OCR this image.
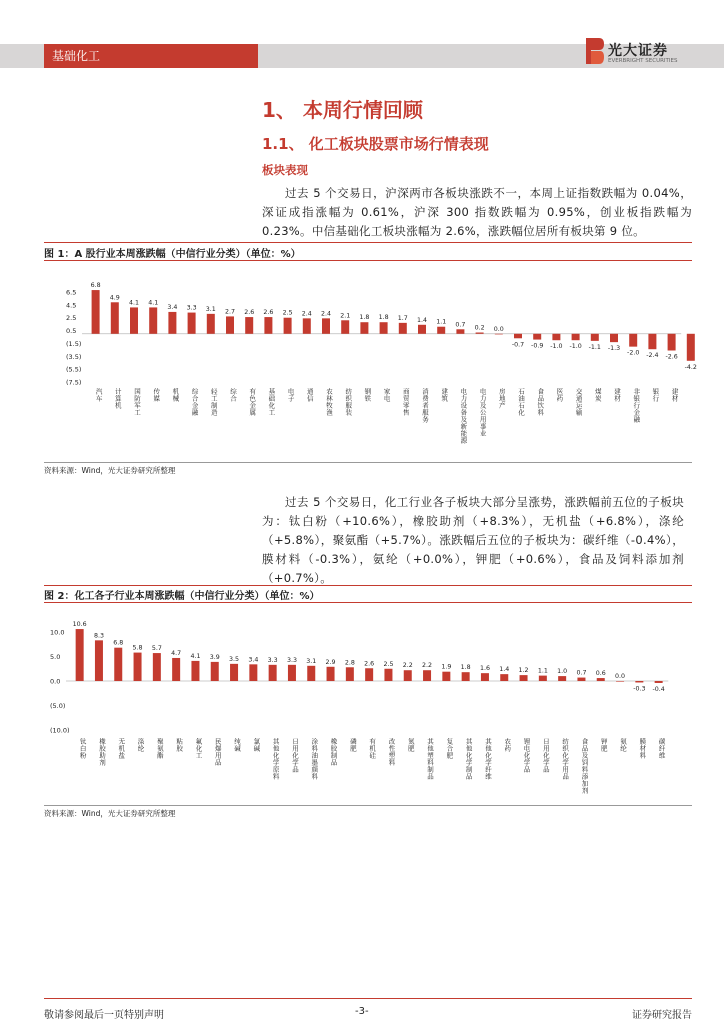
基础化工	光大证券
EVERBRIGHT SECURITIES
1、 本周行情回顾
1.1、 化工板块股票市场行情表现
板块表现
过去 5 个交易日，沪深两市各板块涨跌不一，本周上证指数跌幅为 0.04%，深证成指涨幅为 0.61%，沪深 300 指数跌幅为 0.95%，创业板指跌幅为 0.23%。中信基础化工板块涨幅为 2.6%，涨跌幅位居所有板块第 9 位。
图 1：A 股行业本周涨跌幅（中信行业分类）（单位：%）
6.5
4.5
2.5
0.5
(1.5)
(3.5)
(5.5)
(7.5)
6.8
汽车
4.9
计算机
4.1
国防军工
4.1
传媒
3.4
机械
3.3
综合金融
3.1
轻工制造
2.7
综合
2.6
有色金属
2.6
基础化工
2.5
电子
2.4
通信
2.4
农林牧渔
2.1
纺织服装
1.8
钢铁
1.8
家电
1.7
商贸零售
1.4
消费者服务
1.1
建筑
0.7
电力设备及新能源
0.2
电力及公用事业
0.0
房地产
-0.7
石油石化
-0.9
食品饮料
-1.0
医药
-1.0
交通运输
-1.1
煤炭
-1.3
建材
-2.0
非银行金融
-2.4
银行
-2.6
建材
-4.2
资料来源：Wind，光大证券研究所整理
过去 5 个交易日，化工行业各子板块大部分呈涨势，涨跌幅前五位的子板块为：钛白粉（+10.6%），橡胶助剂（+8.3%），无机盐（+6.8%），涤纶（+5.8%），聚氨酯（+5.7%）。涨跌幅后五位的子板块为：碳纤维（-0.4%），膜材料（-0.3%），氨纶（+0.0%），钾肥（+0.6%），食品及饲料添加剂（+0.7%）。
图 2：化工各子行业本周涨跌幅（中信行业分类）（单位：%）
10.0
5.0
0.0
(5.0)
(10.0)
10.6
钛白粉
8.3
橡胶助剂
6.8
无机盐
5.8
涤纶
5.7
聚氨酯
4.7
粘胶
4.1
氟化工
3.9
民爆用品
3.5
纯碱
3.4
氯碱
3.3
其他化学原料
3.3
日用化学品
3.1
涂料油墨颜料
2.9
橡胶制品
2.8
磷肥
2.6
有机硅
2.5
改性塑料
2.2
氮肥
2.2
其他塑料制品
1.9
复合肥
1.8
其他化学制品
1.6
其他化学纤维
1.4
农药
1.2
锂电化学品
1.1
日用化学品
1.0
纺织化学用品
0.7
食品及饲料添加剂
0.6
钾肥
0.0
氨纶
-0.3
膜材料
-0.4
碳纤维
资料来源：Wind，光大证券研究所整理
敬请参阅最后一页特别声明	-3-	证券研究报告
